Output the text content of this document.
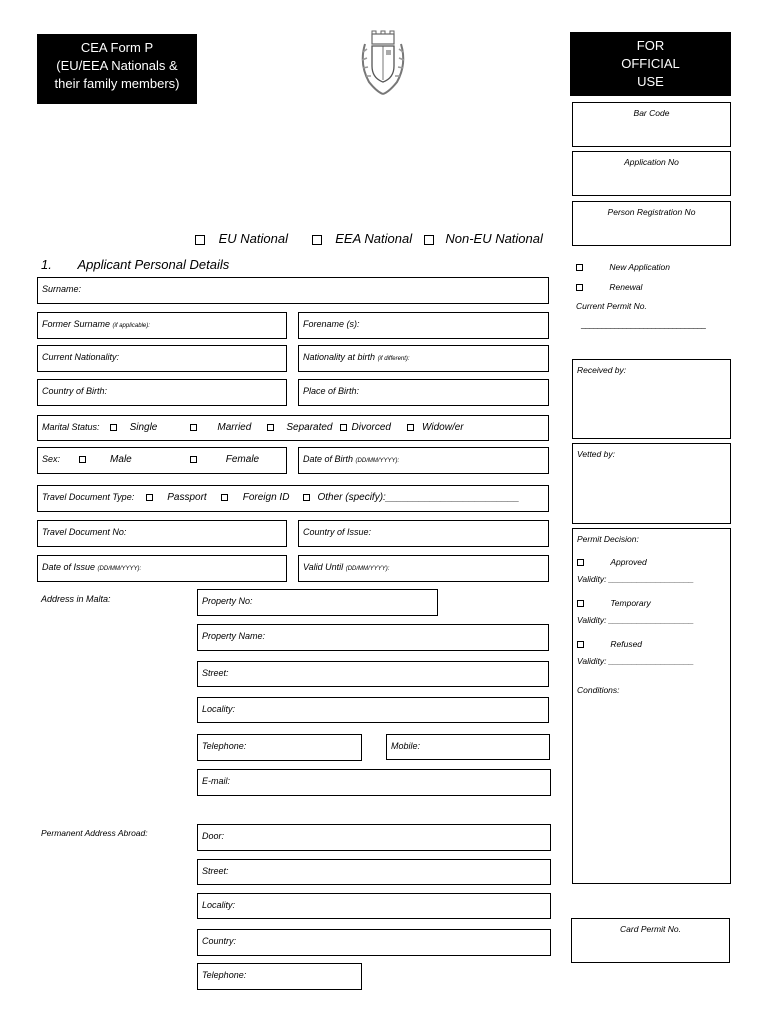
CEA Form P
(EU/EEA Nationals &
their family members)
FOR
OFFICIAL
USE
Bar Code
Application No
Person Registration No
New Application
Renewal
Current Permit No.
______________________________
Received by:
Vetted by:
Permit Decision:
Approved
Validity: __________________
Temporary
Validity: __________________
Refused
Validity: __________________
Conditions:
Card Permit No.
EU National	EEA National	Non-EU National
1. Applicant Personal Details
Surname:
Former Surname (if applicable):	Forename (s):
Current Nationality:	Nationality at birth (if different):
Country of Birth:	Place of Birth:
Marital Status:	Single	Married	Separated Divorced	Widow/er
Sex:	Male	Female	Date of Birth (DD/MM/YYYY):
Travel Document Type:	Passport	Foreign ID	Other (specify):________________________
Travel Document No:	Country of Issue:
Date of Issue (DD/MM/YYYY):	Valid Until (DD/MM/YYYY):
Address in Malta:	Property No:
Property Name:
Street:
Locality:
Telephone:	Mobile:
E-mail:
Permanent Address Abroad:	Door:
Street:
Locality:
Country:
Telephone:
